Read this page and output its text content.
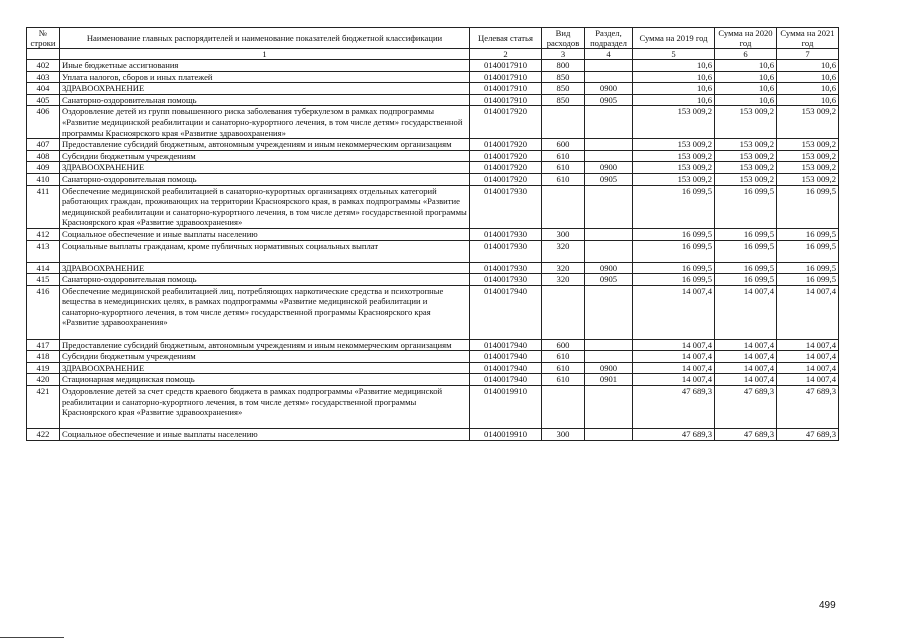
№ строки	Наименование главных распорядителей и наименование показателей бюджетной классификации	Целевая статья	Вид расходов	Раздел, подраздел	Сумма на 2019 год	Сумма на 2020 год	Сумма на 2021 год
	1	2	3	4	5	6	7
402	Иные бюджетные ассигнования	0140017910	800		10,6	10,6	10,6
403	Уплата налогов, сборов и иных платежей	0140017910	850		10,6	10,6	10,6
404	ЗДРАВООХРАНЕНИЕ	0140017910	850	0900	10,6	10,6	10,6
405	Санаторно-оздоровительная помощь	0140017910	850	0905	10,6	10,6	10,6
406	Оздоровление детей из групп повышенного риска заболевания туберкулезом в рамках подпрограммы «Развитие медицинской реабилитации и санаторно-курортного лечения, в том числе детям» государственной программы Красноярского края «Развитие здравоохранения»	0140017920			153 009,2	153 009,2	153 009,2
407	Предоставление субсидий бюджетным, автономным учреждениям и иным некоммерческим организациям	0140017920	600		153 009,2	153 009,2	153 009,2
408	Субсидии бюджетным учреждениям	0140017920	610		153 009,2	153 009,2	153 009,2
409	ЗДРАВООХРАНЕНИЕ	0140017920	610	0900	153 009,2	153 009,2	153 009,2
410	Санаторно-оздоровительная помощь	0140017920	610	0905	153 009,2	153 009,2	153 009,2
411	Обеспечение медицинской реабилитацией в санаторно-курортных организациях отдельных категорий работающих граждан, проживающих на территории Красноярского края, в рамках подпрограммы «Развитие медицинской реабилитации и санаторно-курортного лечения, в том числе детям» государственной программы Красноярского края «Развитие здравоохранения»	0140017930			16 099,5	16 099,5	16 099,5
412	Социальное обеспечение и иные выплаты населению	0140017930	300		16 099,5	16 099,5	16 099,5
413	Социальные выплаты гражданам, кроме публичных нормативных социальных выплат	0140017930	320		16 099,5	16 099,5	16 099,5
414	ЗДРАВООХРАНЕНИЕ	0140017930	320	0900	16 099,5	16 099,5	16 099,5
415	Санаторно-оздоровительная помощь	0140017930	320	0905	16 099,5	16 099,5	16 099,5
416	Обеспечение медицинской реабилитацией лиц, потребляющих наркотические средства и психотропные вещества в немедицинских целях, в рамках подпрограммы «Развитие медицинской реабилитации и санаторно-курортного лечения, в том числе детям» государственной программы Красноярского края «Развитие здравоохранения»	0140017940			14 007,4	14 007,4	14 007,4
417	Предоставление субсидий бюджетным, автономным учреждениям и иным некоммерческим организациям	0140017940	600		14 007,4	14 007,4	14 007,4
418	Субсидии бюджетным учреждениям	0140017940	610		14 007,4	14 007,4	14 007,4
419	ЗДРАВООХРАНЕНИЕ	0140017940	610	0900	14 007,4	14 007,4	14 007,4
420	Стационарная медицинская помощь	0140017940	610	0901	14 007,4	14 007,4	14 007,4
421	Оздоровление детей за счет средств краевого бюджета в рамках подпрограммы «Развитие медицинской реабилитации и санаторно-курортного лечения, в том числе детям» государственной программы Красноярского края «Развитие здравоохранения»	0140019910			47 689,3	47 689,3	47 689,3
422	Социальное обеспечение и иные выплаты населению	0140019910	300		47 689,3	47 689,3	47 689,3
499
